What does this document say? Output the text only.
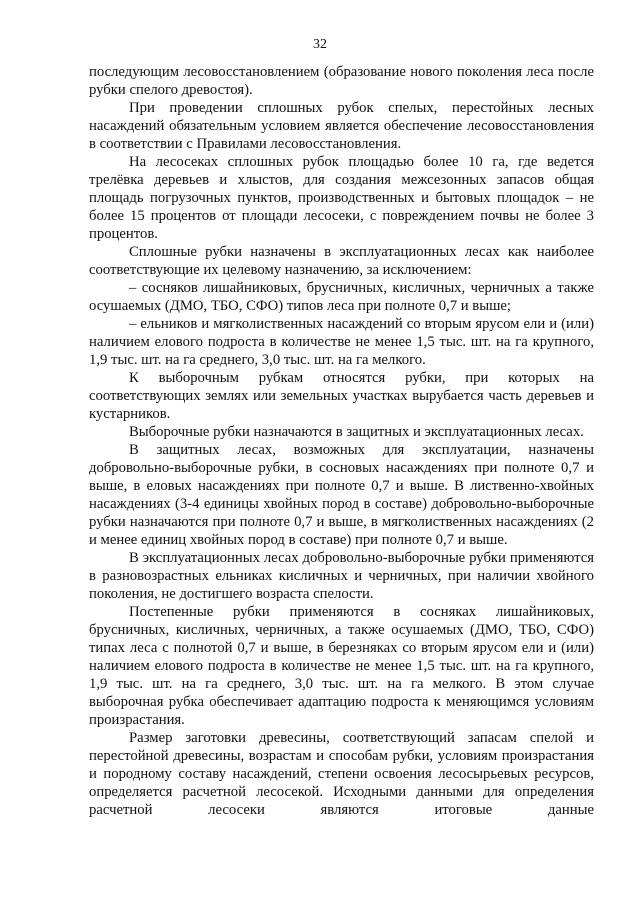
32

последующим лесовосстановлением (образование нового поколения леса после рубки спелого древостоя).

При проведении сплошных рубок спелых, перестойных лесных насаждений обязательным условием является обеспечение лесовосстановления в соответствии с Правилами лесовосстановления.

На лесосеках сплошных рубок площадью более 10 га, где ведется трелёвка деревьев и хлыстов, для создания межсезонных запасов общая площадь погрузочных пунктов, производственных и бытовых площадок – не более 15 процентов от площади лесосеки, с повреждением почвы не более 3 процентов.

Сплошные рубки назначены в эксплуатационных лесах как наиболее соответствующие их целевому назначению, за исключением:

– сосняков лишайниковых, брусничных, кисличных, черничных а также осушаемых (ДМО, ТБО, СФО) типов леса при полноте 0,7 и выше;

– ельников и мягколиственных насаждений со вторым ярусом ели и (или) наличием елового подроста в количестве не менее 1,5 тыс. шт. на га крупного, 1,9 тыс. шт. на га среднего, 3,0 тыс. шт. на га мелкого.

К выборочным рубкам относятся рубки, при которых на соответствующих землях или земельных участках вырубается часть деревьев и кустарников.

Выборочные рубки назначаются в защитных и эксплуатационных лесах.

В защитных лесах, возможных для эксплуатации, назначены добровольно-выборочные рубки, в сосновых насаждениях при полноте 0,7 и выше, в еловых насаждениях при полноте 0,7 и выше. В лиственно-хвойных насаждениях (3-4 единицы хвойных пород в составе) добровольно-выборочные рубки назначаются при полноте 0,7 и выше, в мягколиственных насаждениях (2 и менее единиц хвойных пород в составе) при полноте 0,7 и выше.

В эксплуатационных лесах добровольно-выборочные рубки применяются в разновозрастных ельниках кисличных и черничных, при наличии хвойного поколения, не достигшего возраста спелости.

Постепенные рубки применяются в сосняках лишайниковых, брусничных, кисличных, черничных, а также осушаемых (ДМО, ТБО, СФО) типах леса с полнотой 0,7 и выше, в березняках со вторым ярусом ели и (или) наличием елового подроста в количестве не менее 1,5 тыс. шт. на га крупного, 1,9 тыс. шт. на га среднего, 3,0 тыс. шт. на га мелкого. В этом случае выборочная рубка обеспечивает адаптацию подроста к меняющимся условиям произрастания.

Размер заготовки древесины, соответствующий запасам спелой и перестойной древесины, возрастам и способам рубки, условиям произрастания и породному составу насаждений, степени освоения лесосырьевых ресурсов, определяется расчетной лесосекой. Исходными данными для определения расчетной лесосеки являются итоговые данные
